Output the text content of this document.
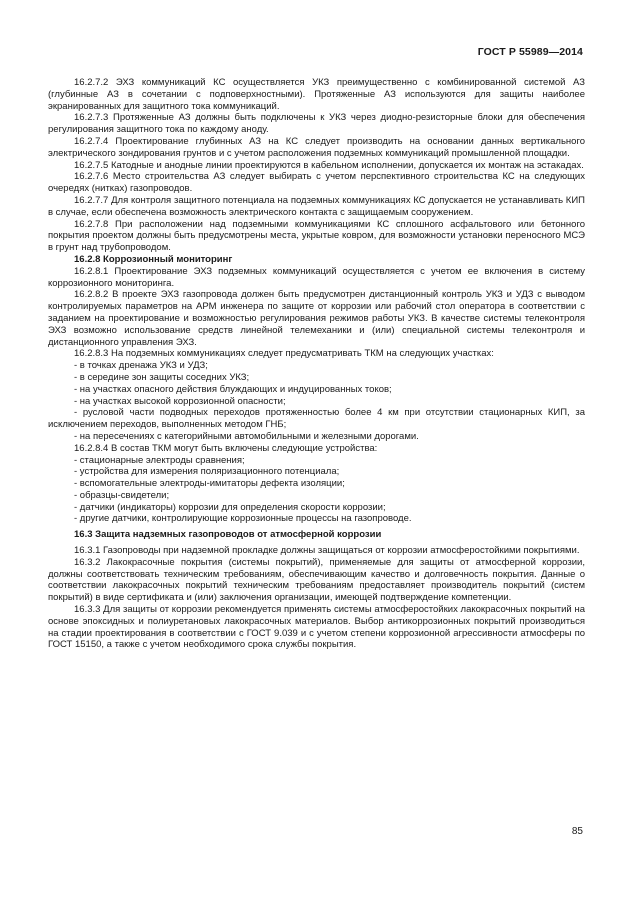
ГОСТ Р 55989—2014

16.2.7.2 ЭХЗ коммуникаций КС осуществляется УКЗ преимущественно с комбинированной системой АЗ (глубинные АЗ в сочетании с подповерхностными). Протяженные АЗ используются для защиты наиболее экранированных для защитного тока коммуникаций.

16.2.7.3 Протяженные АЗ должны быть подключены к УКЗ через диодно-резисторные блоки для обеспечения регулирования защитного тока по каждому аноду.

16.2.7.4 Проектирование глубинных АЗ на КС следует производить на основании данных вертикального электрического зондирования грунтов и с учетом расположения подземных коммуникаций промышленной площадки.

16.2.7.5 Катодные и анодные линии проектируются в кабельном исполнении, допускается их монтаж на эстакадах.

16.2.7.6 Место строительства АЗ следует выбирать с учетом перспективного строительства КС на следующих очередях (нитках) газопроводов.

16.2.7.7 Для контроля защитного потенциала на подземных коммуникациях КС допускается не устанавливать КИП в случае, если обеспечена возможность электрического контакта с защищаемым сооружением.

16.2.7.8 При расположении над подземными коммуникациями КС сплошного асфальтового или бетонного покрытия проектом должны быть предусмотрены места, укрытые ковром, для возможности установки переносного МСЭ в грунт над трубопроводом.

16.2.8 Коррозионный мониторинг

16.2.8.1 Проектирование ЭХЗ подземных коммуникаций осуществляется с учетом ее включения в систему коррозионного мониторинга.

16.2.8.2 В проекте ЭХЗ газопровода должен быть предусмотрен дистанционный контроль УКЗ и УДЗ с выводом контролируемых параметров на АРМ инженера по защите от коррозии или рабочий стол оператора в соответствии с заданием на проектирование и возможностью регулирования режимов работы УКЗ. В качестве системы телеконтроля ЭХЗ возможно использование средств линейной телемеханики и (или) специальной системы телеконтроля и дистанционного управления ЭХЗ.

16.2.8.3 На подземных коммуникациях следует предусматривать ТКМ на следующих участках:

- в точках дренажа УКЗ и УДЗ;
- в середине зон защиты соседних УКЗ;
- на участках опасного действия блуждающих и индуцированных токов;
- на участках высокой коррозионной опасности;
- русловой части подводных переходов протяженностью более 4 км при отсутствии стационарных КИП, за исключением переходов, выполненных методом ГНБ;
- на пересечениях с категорийными автомобильными и железными дорогами.

16.2.8.4 В состав ТКМ могут быть включены следующие устройства:

- стационарные электроды сравнения;
- устройства для измерения поляризационного потенциала;
- вспомогательные электроды-имитаторы дефекта изоляции;
- образцы-свидетели;
- датчики (индикаторы) коррозии для определения скорости коррозии;
- другие датчики, контролирующие коррозионные процессы на газопроводе.

16.3 Защита надземных газопроводов от атмосферной коррозии

16.3.1 Газопроводы при надземной прокладке должны защищаться от коррозии атмосферостойкими покрытиями.

16.3.2 Лакокрасочные покрытия (системы покрытий), применяемые для защиты от атмосферной коррозии, должны соответствовать техническим требованиям, обеспечивающим качество и долговечность покрытия. Данные о соответствии лакокрасочных покрытий техническим требованиям предоставляет производитель покрытий (систем покрытий) в виде сертификата и (или) заключения организации, имеющей подтверждение компетенции.

16.3.3 Для защиты от коррозии рекомендуется применять системы атмосферостойких лакокрасочных покрытий на основе эпоксидных и полиуретановых лакокрасочных материалов. Выбор антикоррозионных покрытий производиться на стадии проектирования в соответствии с ГОСТ 9.039 и с учетом степени коррозионной агрессивности атмосферы по ГОСТ 15150, а также с учетом необходимого срока службы покрытия.

85
